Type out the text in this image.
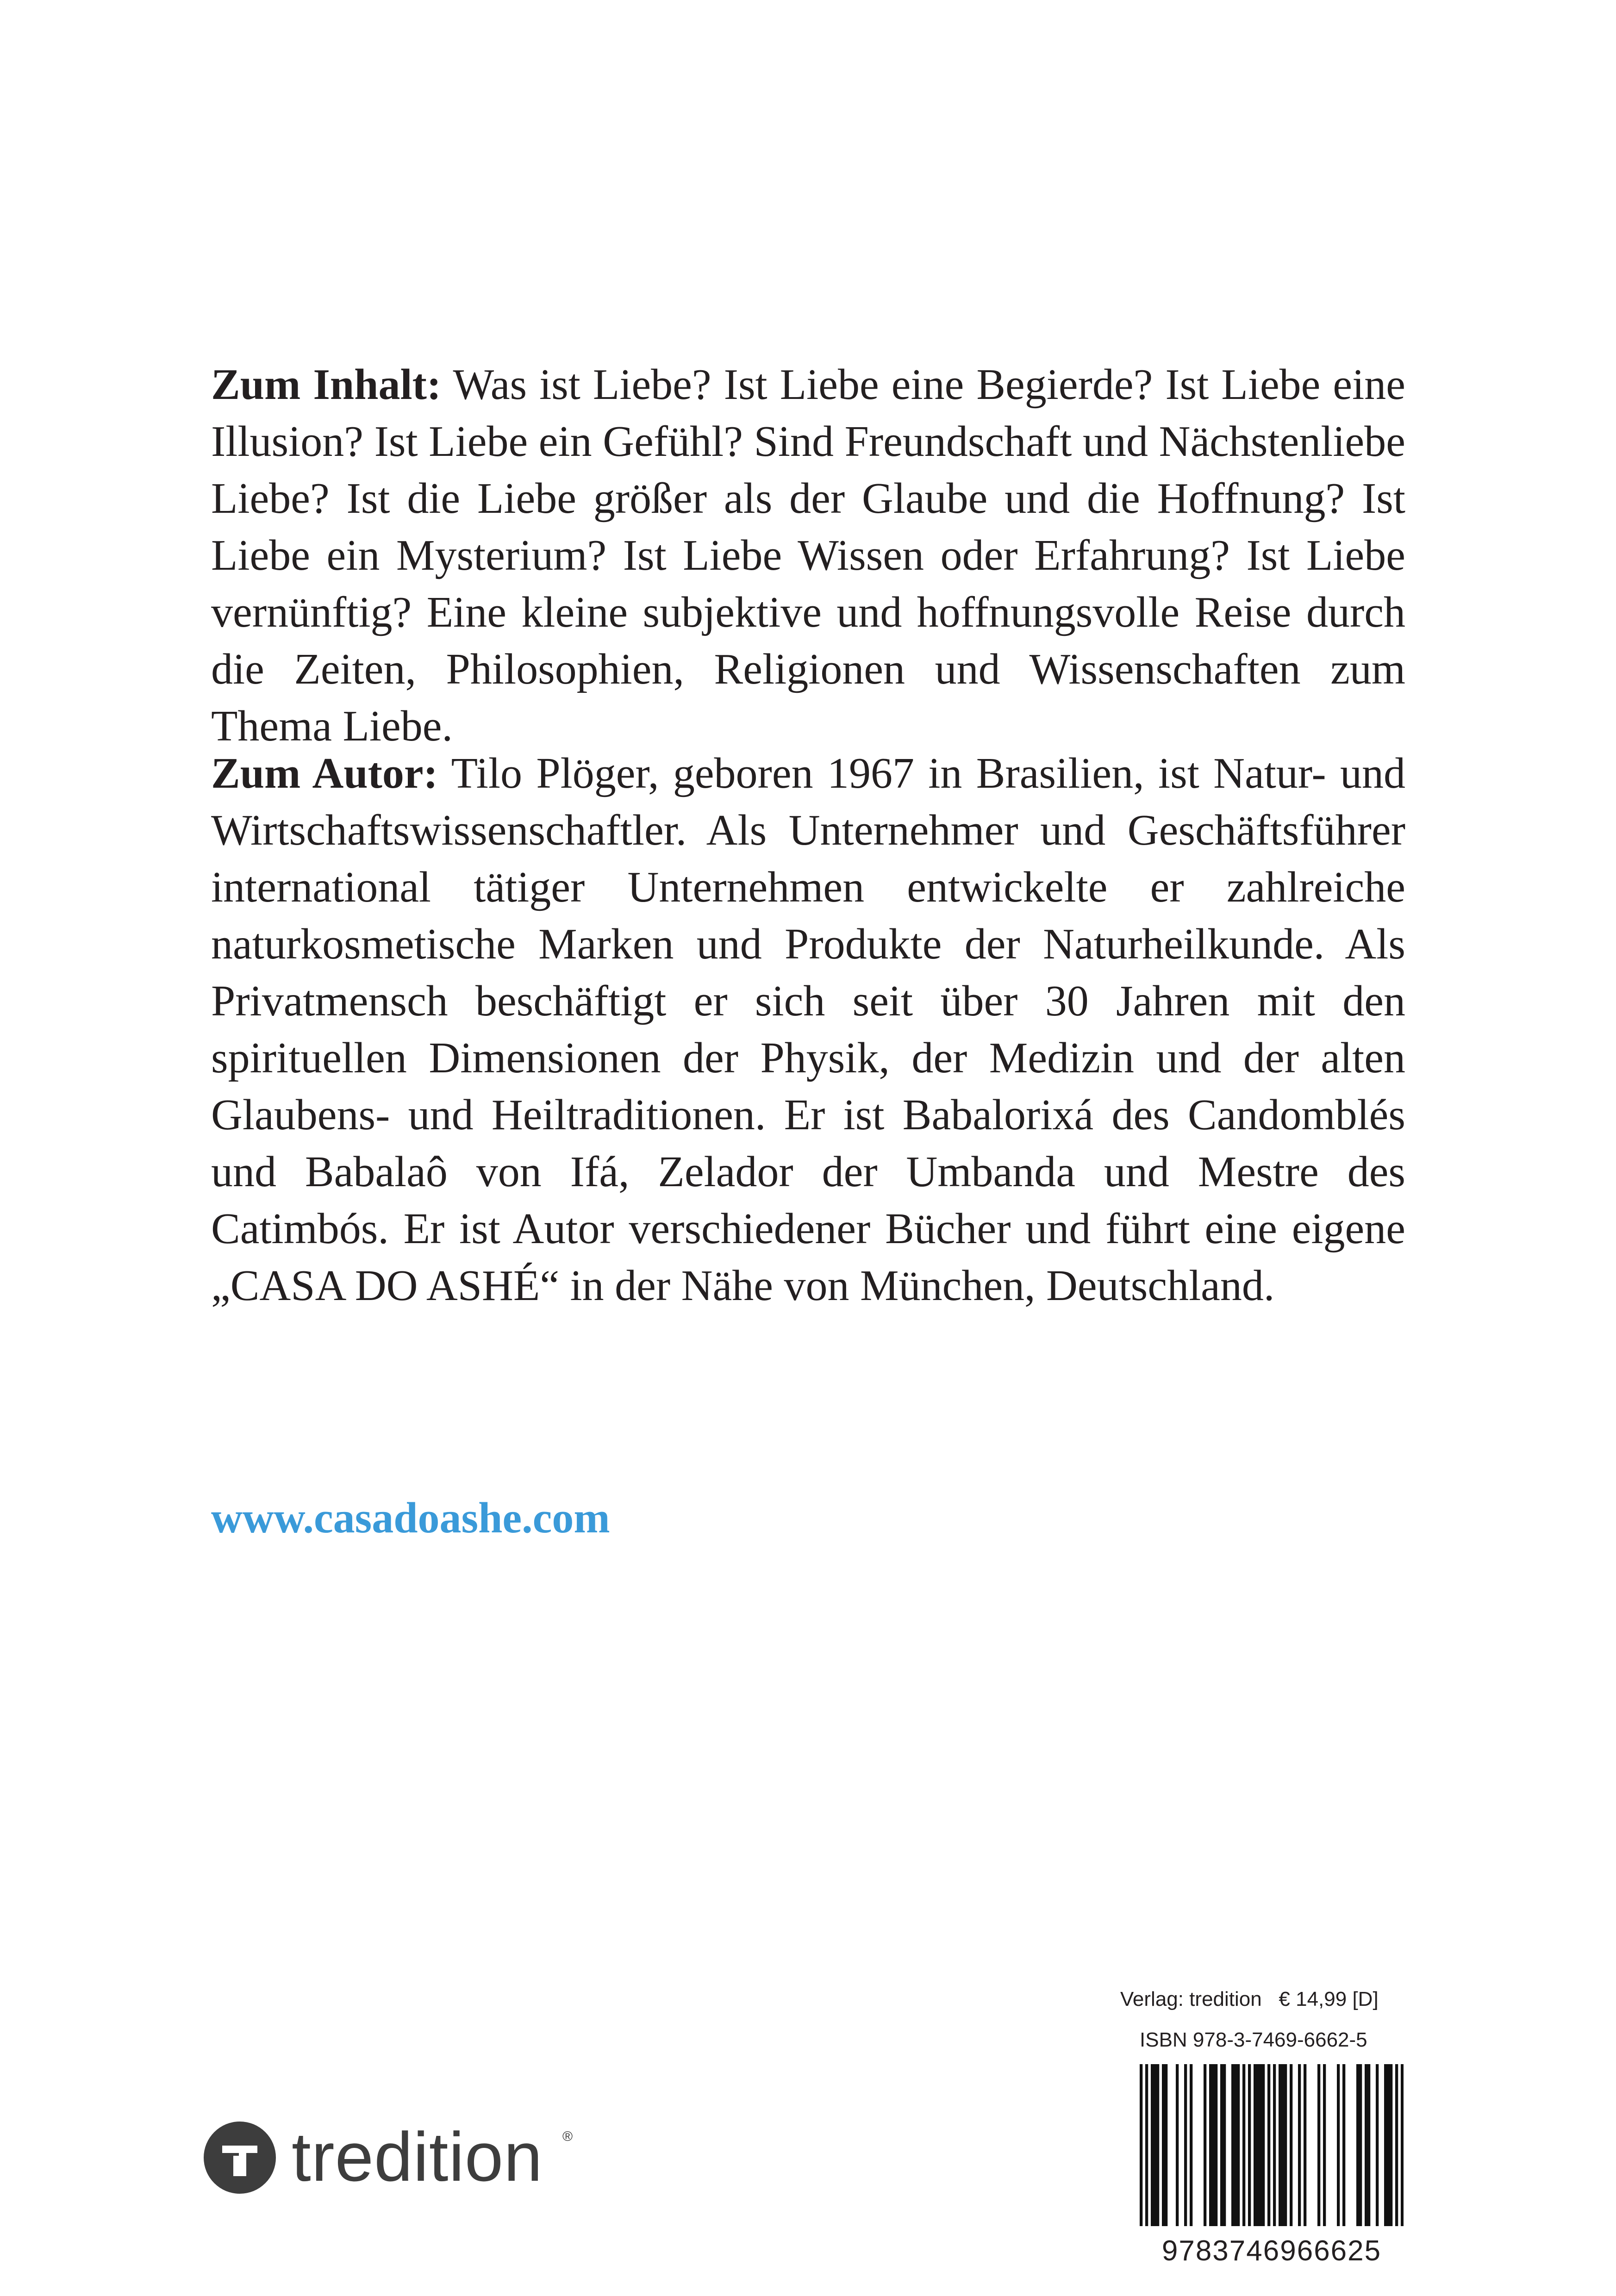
Zum Inhalt: Was ist Liebe? Ist Liebe eine Begierde? Ist Liebe eine Illusion? Ist Liebe ein Gefühl? Sind Freundschaft und Nächstenliebe Liebe? Ist die Liebe größer als der Glaube und die Hoffnung? Ist Liebe ein Mysterium? Ist Liebe Wissen oder Erfahrung? Ist Liebe vernünftig? Eine kleine subjektive und hoffnungsvolle Reise durch die Zeiten, Philosophien, Religionen und Wissenschaften zum Thema Liebe.

Zum Autor: Tilo Plöger, geboren 1967 in Brasilien, ist Natur- und Wirtschaftswissenschaftler. Als Unternehmer und Geschäftsführer international tätiger Unternehmen entwickelte er zahlreiche naturkosmetische Marken und Produkte der Naturheilkunde. Als Privatmensch beschäftigt er sich seit über 30 Jahren mit den spirituellen Dimensionen der Physik, der Medizin und der alten Glaubens- und Heiltraditionen. Er ist Babalorixá des Candomblés und Babalaô von Ifá, Zelador der Umbanda und Mestre des Catimbós. Er ist Autor verschiedener Bücher und führt eine eigene „CASA DO ASHÉ“ in der Nähe von München, Deutschland.

www.casadoashe.com
tredition ®
Verlag: tredition   € 14,99 [D]
ISBN 978-3-7469-6662-5
9783746966625
